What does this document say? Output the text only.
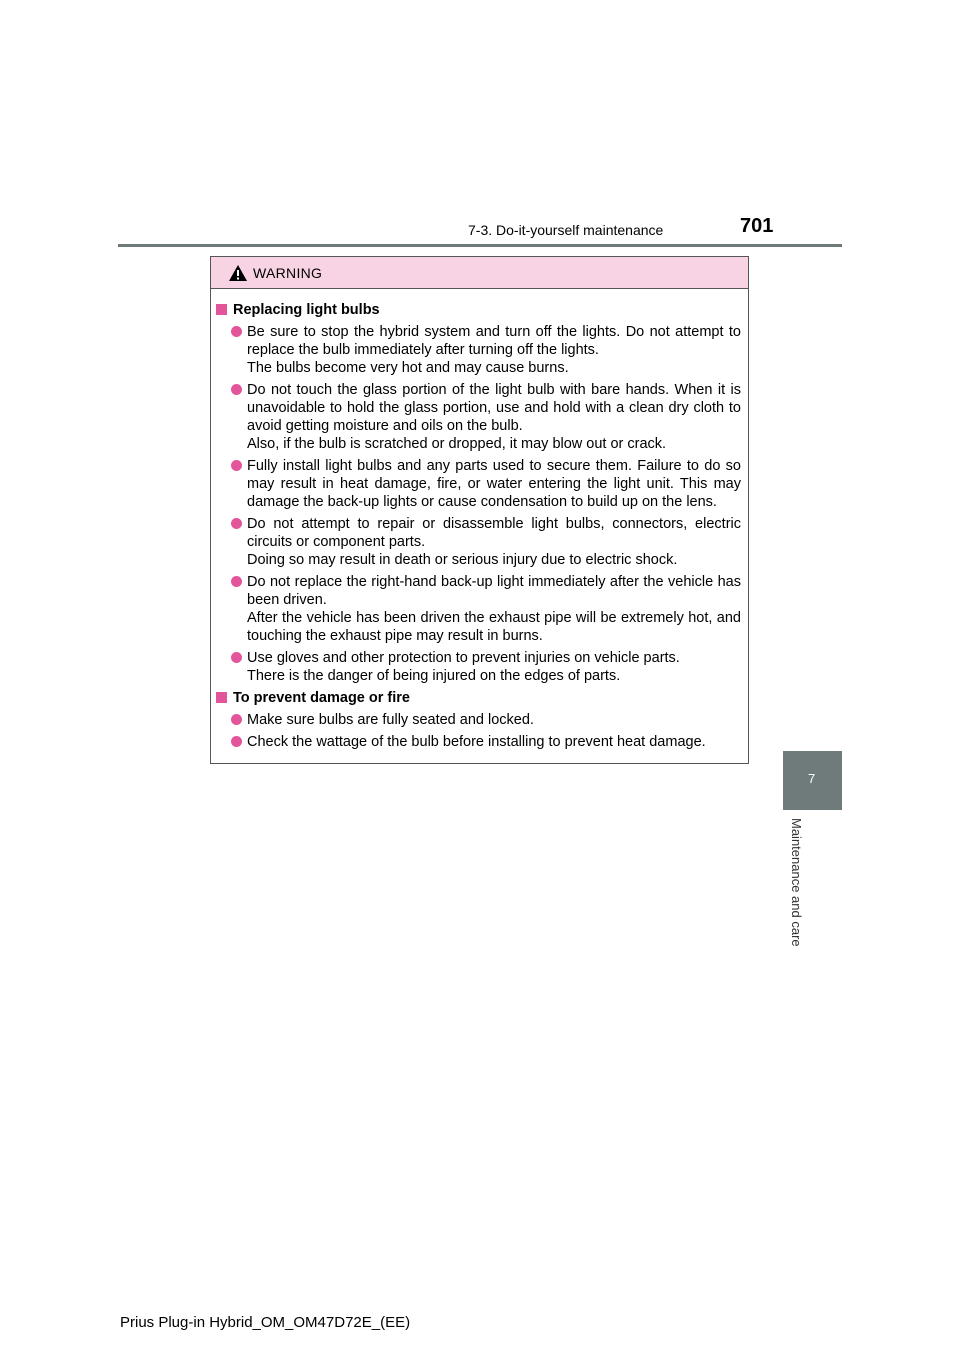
7-3. Do-it-yourself maintenance	701
7
Maintenance and care
WARNING
Replacing light bulbs

Be sure to stop the hybrid system and turn off the lights. Do not attempt to replace the bulb immediately after turning off the lights.

The bulbs become very hot and may cause burns.

Do not touch the glass portion of the light bulb with bare hands. When it is unavoidable to hold the glass portion, use and hold with a clean dry cloth to avoid getting moisture and oils on the bulb.

Also, if the bulb is scratched or dropped, it may blow out or crack.

Fully install light bulbs and any parts used to secure them. Failure to do so may result in heat damage, fire, or water entering the light unit. This may damage the back-up lights or cause condensation to build up on the lens.

Do not attempt to repair or disassemble light bulbs, connectors, electric circuits or component parts.

Doing so may result in death or serious injury due to electric shock.

Do not replace the right-hand back-up light immediately after the vehicle has been driven.

After the vehicle has been driven the exhaust pipe will be extremely hot, and touching the exhaust pipe may result in burns.

Use gloves and other protection to prevent injuries on vehicle parts.

There is the danger of being injured on the edges of parts.

To prevent damage or fire

Make sure bulbs are fully seated and locked.

Check the wattage of the bulb before installing to prevent heat damage.

Prius Plug-in Hybrid_OM_OM47D72E_(EE)
